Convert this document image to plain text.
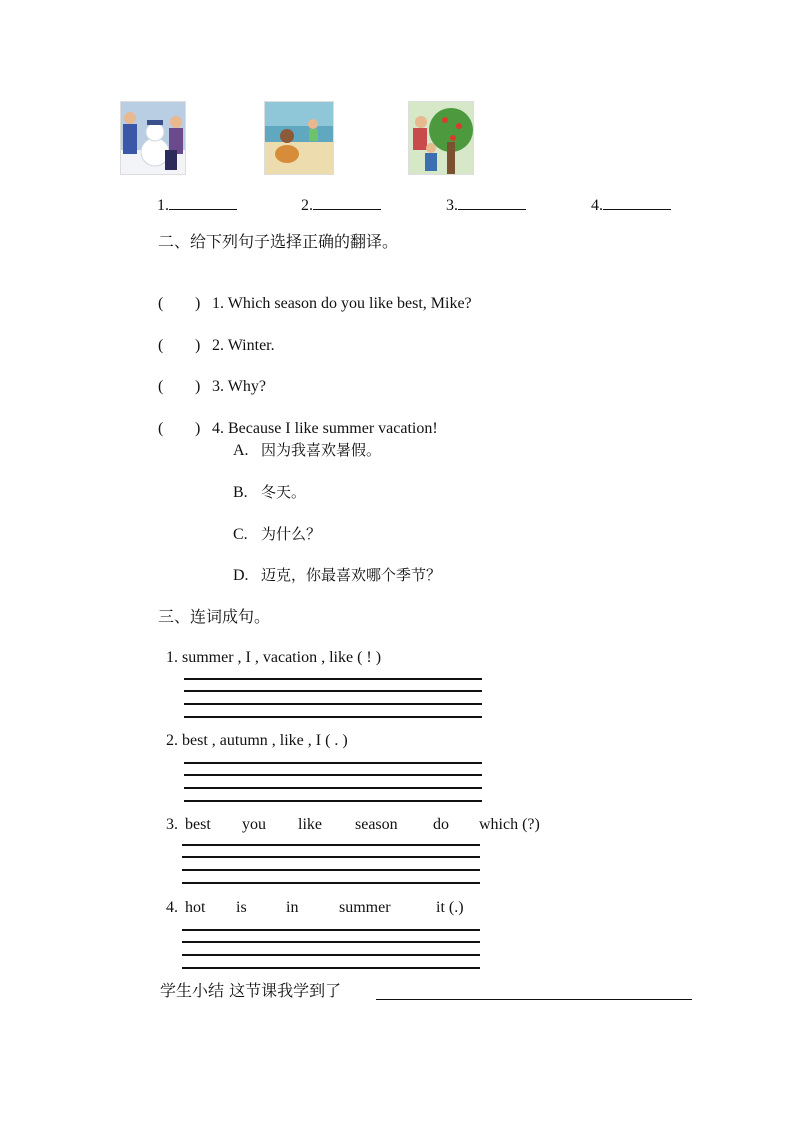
1.	2.	3.	4.
二、给下列句子选择正确的翻译。

( ) 1. Which season do you like best, Mike?

( ) 2. Winter.

( ) 3. Why?

( ) 4. Because I like summer vacation!

A. 因为我喜欢暑假。
B. 冬天。
C. 为什么？
D. 迈克，你最喜欢哪个季节？
三、连词成句。
1. summer , I , vacation , like ( ! )
2. best , autumn , like , I ( . )
3. best you like season do which (?)
4. hot is in	summer	it (.)
学生小结 这节课我学到了
